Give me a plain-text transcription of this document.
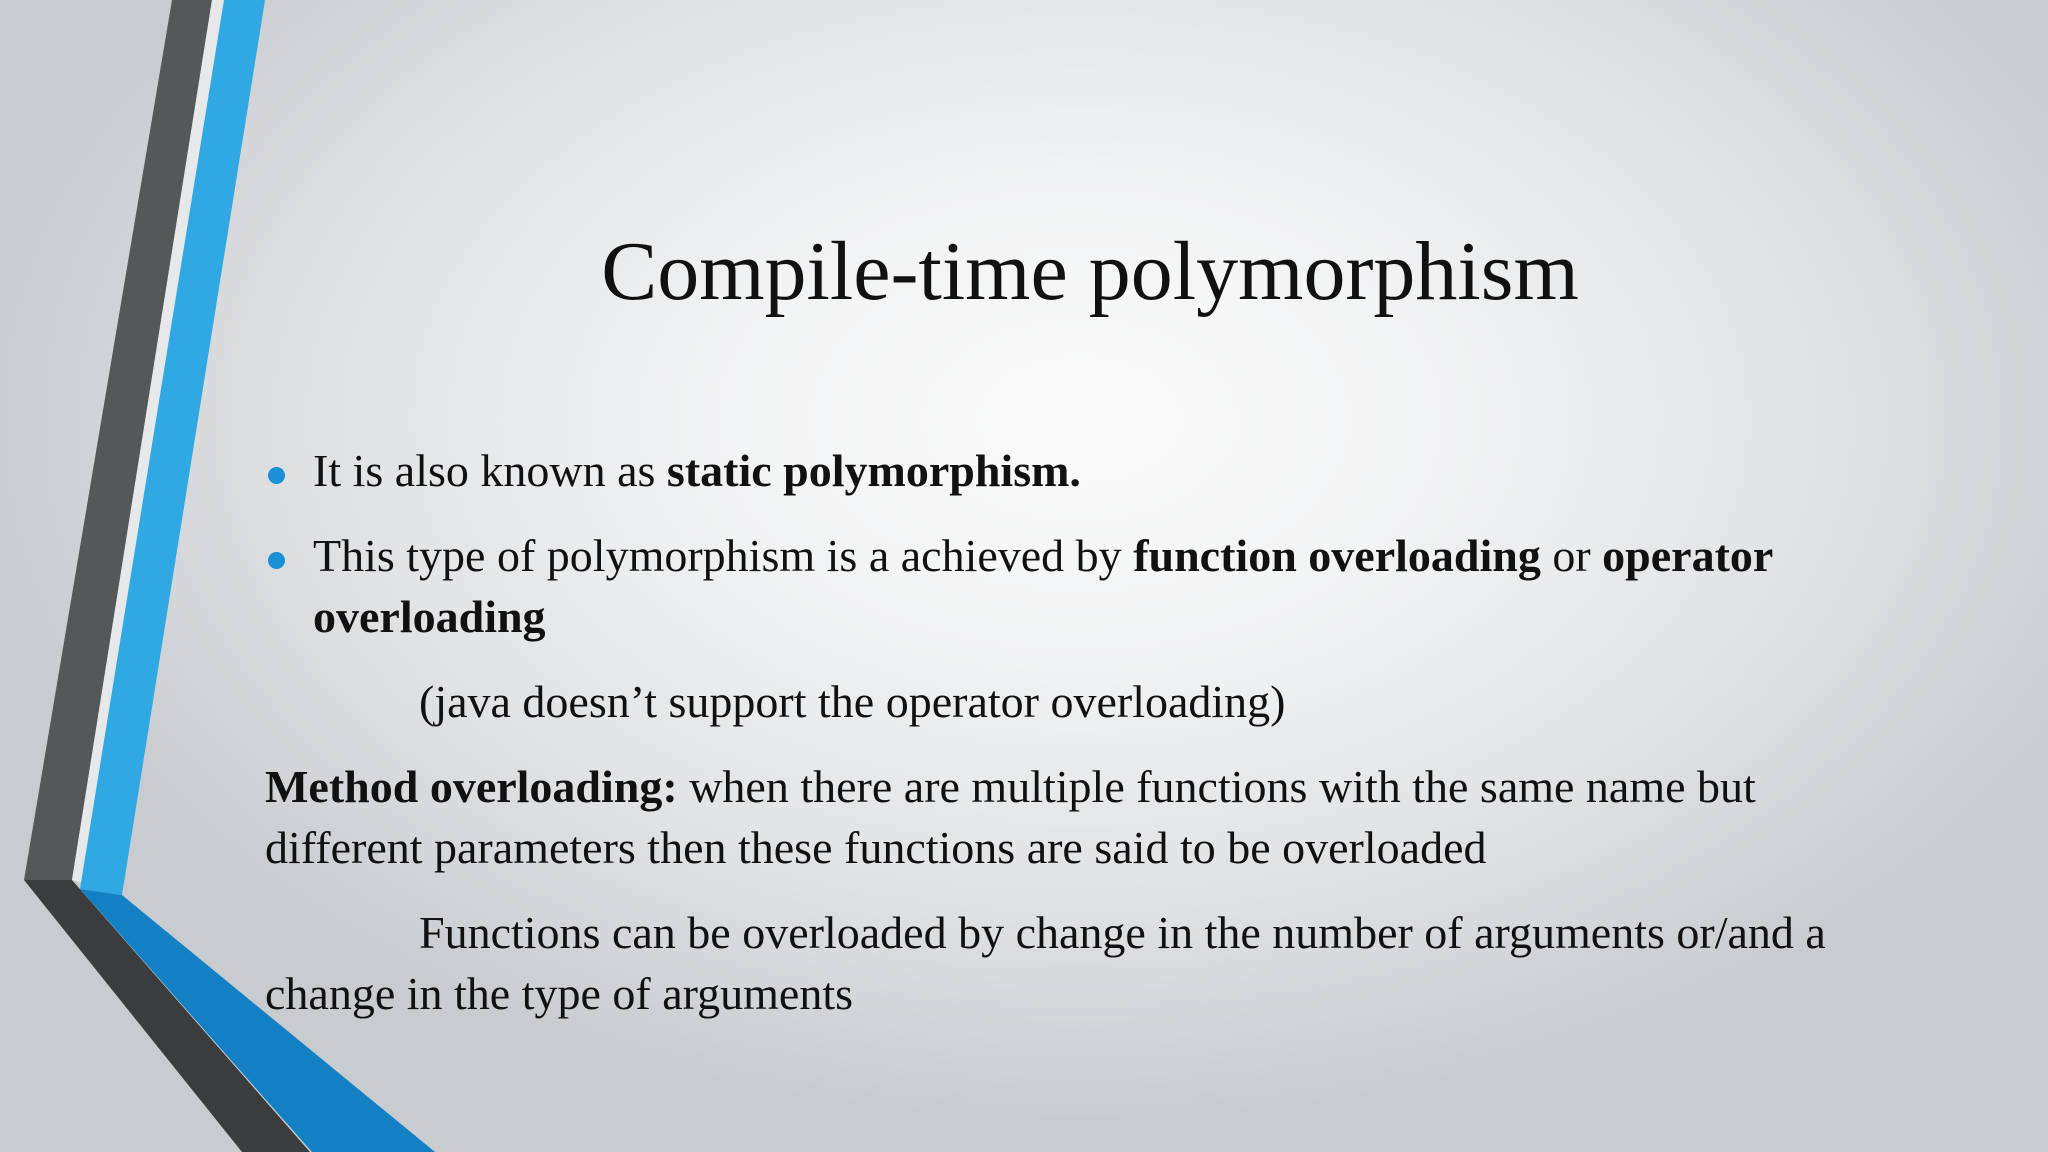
Compile-time polymorphism
It is also known as static polymorphism.
This type of polymorphism is a achieved by function overloading or operator overloading

(java doesn’t support the operator overloading)

Method overloading: when there are multiple functions with the same name but different parameters then these functions are said to be overloaded

Functions can be overloaded by change in the number of arguments or/and a change in the type of arguments
